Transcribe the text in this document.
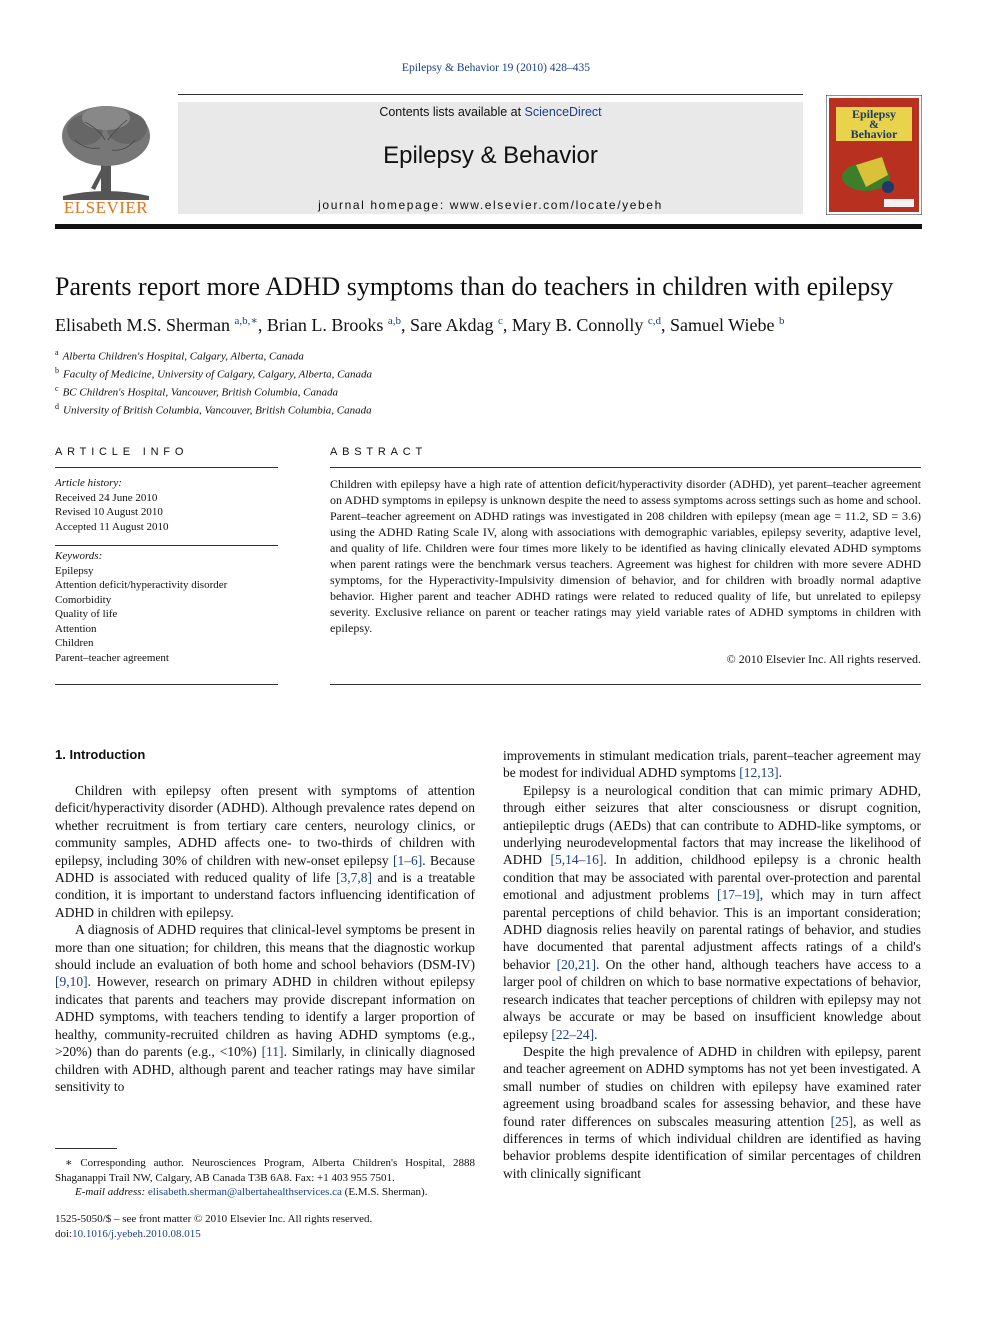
Epilepsy & Behavior 19 (2010) 428–435
ELSEVIER
Contents lists available at ScienceDirect
Epilepsy & Behavior
journal homepage: www.elsevier.com/locate/yebeh
Epilepsy
&
Behavior
Parents report more ADHD symptoms than do teachers in children with epilepsy
Elisabeth M.S. Sherman $^{a,b,∗}$, Brian L. Brooks $^{a,b}$, Sare Akdag $^c$, Mary B. Connolly $^{c,d}$, Samuel Wiebe $^b$
$^a$ Alberta Children's Hospital, Calgary, Alberta, Canada
$^b$ Faculty of Medicine, University of Calgary, Calgary, Alberta, Canada
$^c$ BC Children's Hospital, Vancouver, British Columbia, Canada
$^d$ University of British Columbia, Vancouver, British Columbia, Canada
ARTICLE INFO
Article history:
Received 24 June 2010
Revised 10 August 2010
Accepted 11 August 2010
Keywords:
Epilepsy
Attention deficit/hyperactivity disorder
Comorbidity
Quality of life
Attention
Children
Parent–teacher agreement
ABSTRACT
Children with epilepsy have a high rate of attention deficit/hyperactivity disorder (ADHD), yet parent–teacher agreement on ADHD symptoms in epilepsy is unknown despite the need to assess symptoms across settings such as home and school. Parent–teacher agreement on ADHD ratings was investigated in 208 children with epilepsy (mean age = 11.2, SD = 3.6) using the ADHD Rating Scale IV, along with associations with demographic variables, epilepsy severity, adaptive level, and quality of life. Children were four times more likely to be identified as having clinically elevated ADHD symptoms when parent ratings were the benchmark versus teachers. Agreement was highest for children with more severe ADHD symptoms, for the Hyperactivity-Impulsivity dimension of behavior, and for children with broadly normal adaptive behavior. Higher parent and teacher ADHD ratings were related to reduced quality of life, but unrelated to epilepsy severity. Exclusive reliance on parent or teacher ratings may yield variable rates of ADHD symptoms in children with epilepsy.
© 2010 Elsevier Inc. All rights reserved.
1. Introduction

Children with epilepsy often present with symptoms of attention deficit/hyperactivity disorder (ADHD). Although prevalence rates depend on whether recruitment is from tertiary care centers, neurology clinics, or community samples, ADHD affects one- to two-thirds of children with epilepsy, including 30% of children with new-onset epilepsy [1–6]. Because ADHD is associated with reduced quality of life [3,7,8] and is a treatable condition, it is important to understand factors influencing identification of ADHD in children with epilepsy.

A diagnosis of ADHD requires that clinical-level symptoms be present in more than one situation; for children, this means that the diagnostic workup should include an evaluation of both home and school behaviors (DSM-IV) [9,10]. However, research on primary ADHD in children without epilepsy indicates that parents and teachers may provide discrepant information on ADHD symptoms, with teachers tending to identify a larger proportion of healthy, community-recruited children as having ADHD symptoms (e.g., >20%) than do parents (e.g., <10%) [11]. Similarly, in clinically diagnosed children with ADHD, although parent and teacher ratings may have similar sensitivity to

improvements in stimulant medication trials, parent–teacher agreement may be modest for individual ADHD symptoms [12,13].

Epilepsy is a neurological condition that can mimic primary ADHD, through either seizures that alter consciousness or disrupt cognition, antiepileptic drugs (AEDs) that can contribute to ADHD-like symptoms, or underlying neurodevelopmental factors that may increase the likelihood of ADHD [5,14–16]. In addition, childhood epilepsy is a chronic health condition that may be associated with parental over-protection and parental emotional and adjustment problems [17–19], which may in turn affect parental perceptions of child behavior. This is an important consideration; ADHD diagnosis relies heavily on parental ratings of behavior, and studies have documented that parental adjustment affects ratings of a child's behavior [20,21]. On the other hand, although teachers have access to a larger pool of children on which to base normative expectations of behavior, research indicates that teacher perceptions of children with epilepsy may not always be accurate or may be based on insufficient knowledge about epilepsy [22–24].

Despite the high prevalence of ADHD in children with epilepsy, parent and teacher agreement on ADHD symptoms has not yet been investigated. A small number of studies on children with epilepsy have examined rater agreement using broadband scales for assessing behavior, and these have found rater differences on subscales measuring attention [25], as well as differences in terms of which individual children are identified as having behavior problems despite identification of similar percentages of children with clinically significant

∗ Corresponding author. Neurosciences Program, Alberta Children's Hospital, 2888 Shaganappi Trail NW, Calgary, AB Canada T3B 6A8. Fax: +1 403 955 7501.
E-mail address: elisabeth.sherman@albertahealthservices.ca (E.M.S. Sherman).
1525-5050/$ – see front matter © 2010 Elsevier Inc. All rights reserved.
doi:10.1016/j.yebeh.2010.08.015
